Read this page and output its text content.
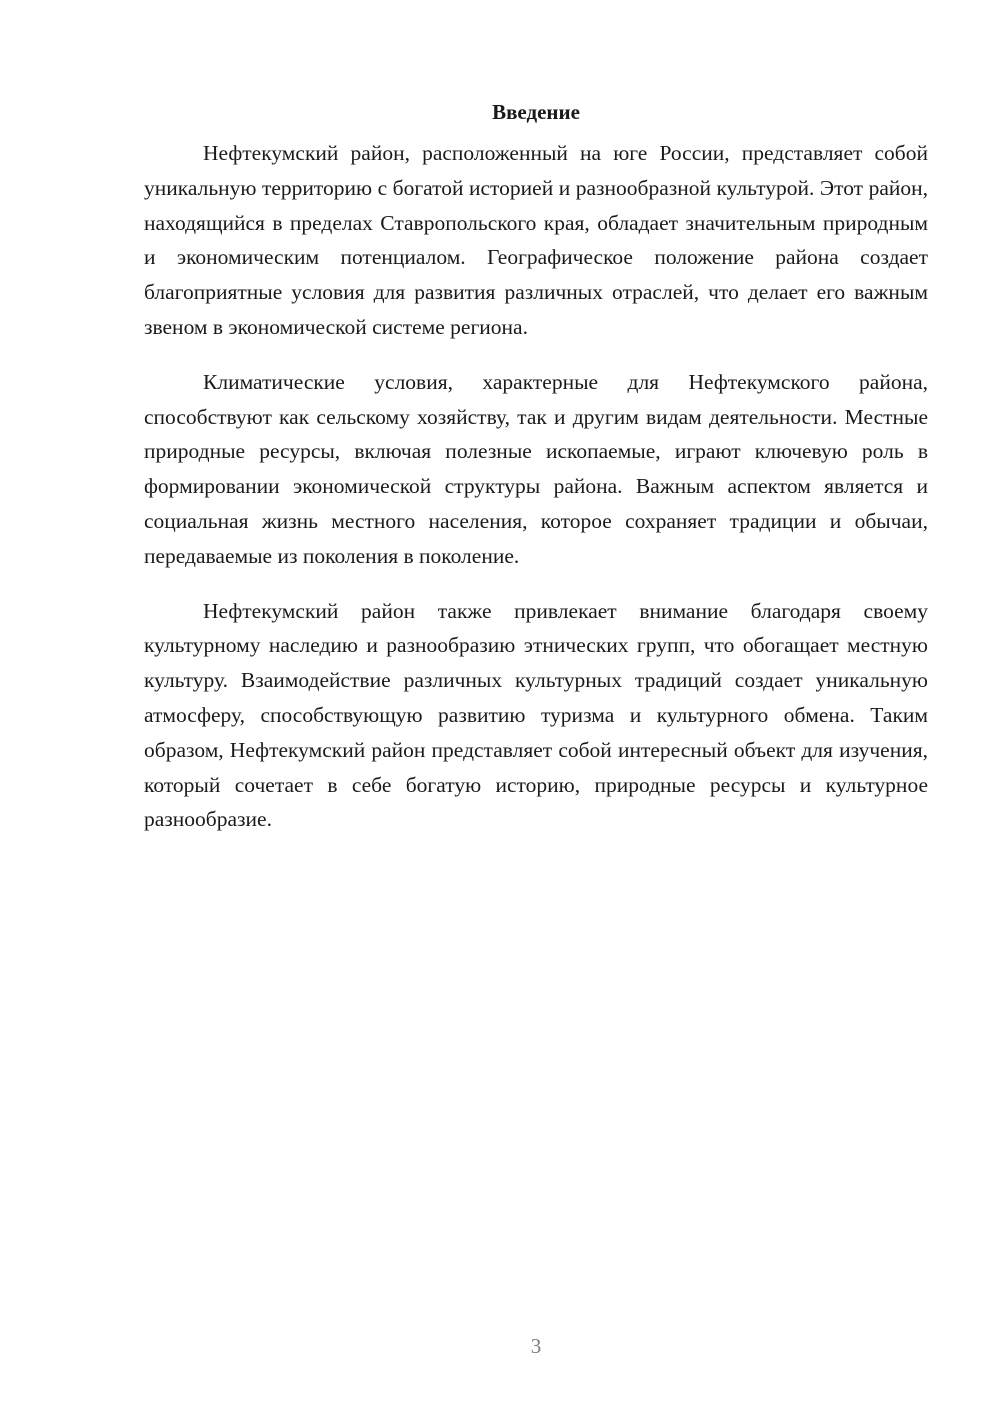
Введение

Нефтекумский район, расположенный на юге России, представляет собой уникальную территорию с богатой историей и разнообразной культурой. Этот район, находящийся в пределах Ставропольского края, обладает значительным природным и экономическим потенциалом. Географическое положение района создает благоприятные условия для развития различных отраслей, что делает его важным звеном в экономической системе региона.

Климатические условия, характерные для Нефтекумского района, способствуют как сельскому хозяйству, так и другим видам деятельности. Местные природные ресурсы, включая полезные ископаемые, играют ключевую роль в формировании экономической структуры района. Важным аспектом является и социальная жизнь местного населения, которое сохраняет традиции и обычаи, передаваемые из поколения в поколение.

Нефтекумский район также привлекает внимание благодаря своему культурному наследию и разнообразию этнических групп, что обогащает местную культуру. Взаимодействие различных культурных традиций создает уникальную атмосферу, способствующую развитию туризма и культурного обмена. Таким образом, Нефтекумский район представляет собой интересный объект для изучения, который сочетает в себе богатую историю, природные ресурсы и культурное разнообразие.

3
